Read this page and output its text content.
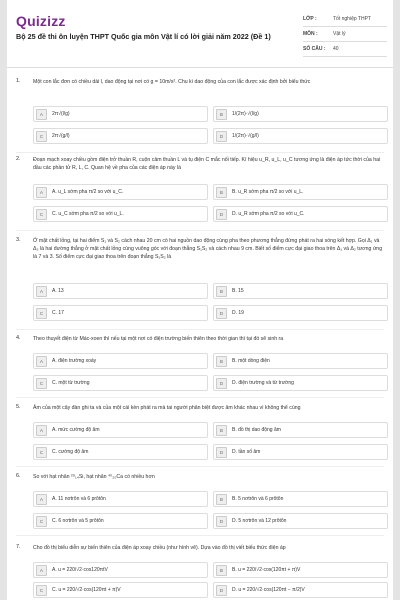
Quizizz
Bộ 25 đề thi ôn luyện THPT Quốc gia môn Vật lí có lời giải năm 2022 (Đề 1)
LỚP :	Tốt nghiệp THPT
MÔN :	Vật lý
SỐ CÂU :	40
1. Một con lắc đơn có chiều dài l, dao động tại nơi có g = 10m/s². Chu kì dao động của con lắc được xác định bởi biểu thức
A	2π√(l/g)	B	1/(2π)·√(l/g)
C	2π√(g/l)	D	1/(2π)·√(g/l)
2. Đoạn mạch xoay chiều gồm điện trở thuần R, cuộn cảm thuần L và tụ điện C mắc nối tiếp. Kí hiệu u_R, u_L, u_C tương ứng là điện áp tức thời của hai đầu các phần tử R, L, C. Quan hệ về pha của các điện áp này là
A	A. u_L sớm pha π/2 so với u_C.	B	B. u_R sớm pha π/2 so với u_L.
C	C. u_C sớm pha π/2 so với u_L.	D	D. u_R sớm pha π/2 so với u_C.
3. Ở mặt chất lỏng, tại hai điểm S₁ và S₂ cách nhau 20 cm có hai nguồn dao động cùng pha theo phương thẳng đứng phát ra hai sóng kết hợp. Gọi Δ₁ và Δ₂ là hai đường thẳng ở mặt chất lỏng cùng vuông góc với đoạn thẳng S₁S₂ và cách nhau 9 cm. Biết số điểm cực đại giao thoa trên Δ₁ và Δ₂ tương ứng là 7 và 3. Số điểm cực đại giao thoa trên đoạn thẳng S₁S₂ là
A	A. 13	B	B. 15
C	C. 17	D	D. 19
4. Theo thuyết điện từ Mác-xoen thì nếu tại một nơi có điện trường biến thiên theo thời gian thì tại đó sẽ sinh ra
A	A. điện trường xoáy	B	B. một dòng điện
C	C. một từ trường	D	D. điện trường và từ trường
5. Âm của một cây đàn ghi ta và của một cái kèn phát ra mà tai người phân biệt được âm khác nhau vì không thể cùng
A	A. mức cường độ âm	B	B. đồ thị dao động âm
C	C. cường độ âm	D	D. tần số âm
6. So với hạt nhân ²⁹₁₄Si, hạt nhân ⁴⁰₂₀Ca có nhiều hơn
A	A. 11 nơtrôn và 6 prôtôn	B	B. 5 nơtrôn và 6 prôtôn
C	C. 6 nơtrôn và 5 prôtôn	D	D. 5 nơtrôn và 12 prôtôn
7. Cho đồ thị biểu diễn sự biến thiên của điện áp xoay chiều (như hình vẽ). Dựa vào đồ thị viết biểu thức điện áp
A	A. u = 220/√2·cos120πtV	B	B. u = 220/√2·cos(120πt + π)V
C	C. u = 220/√2·cos(120πt + π)V	D	D. u = 220/√2·cos(120πt − π/2)V
